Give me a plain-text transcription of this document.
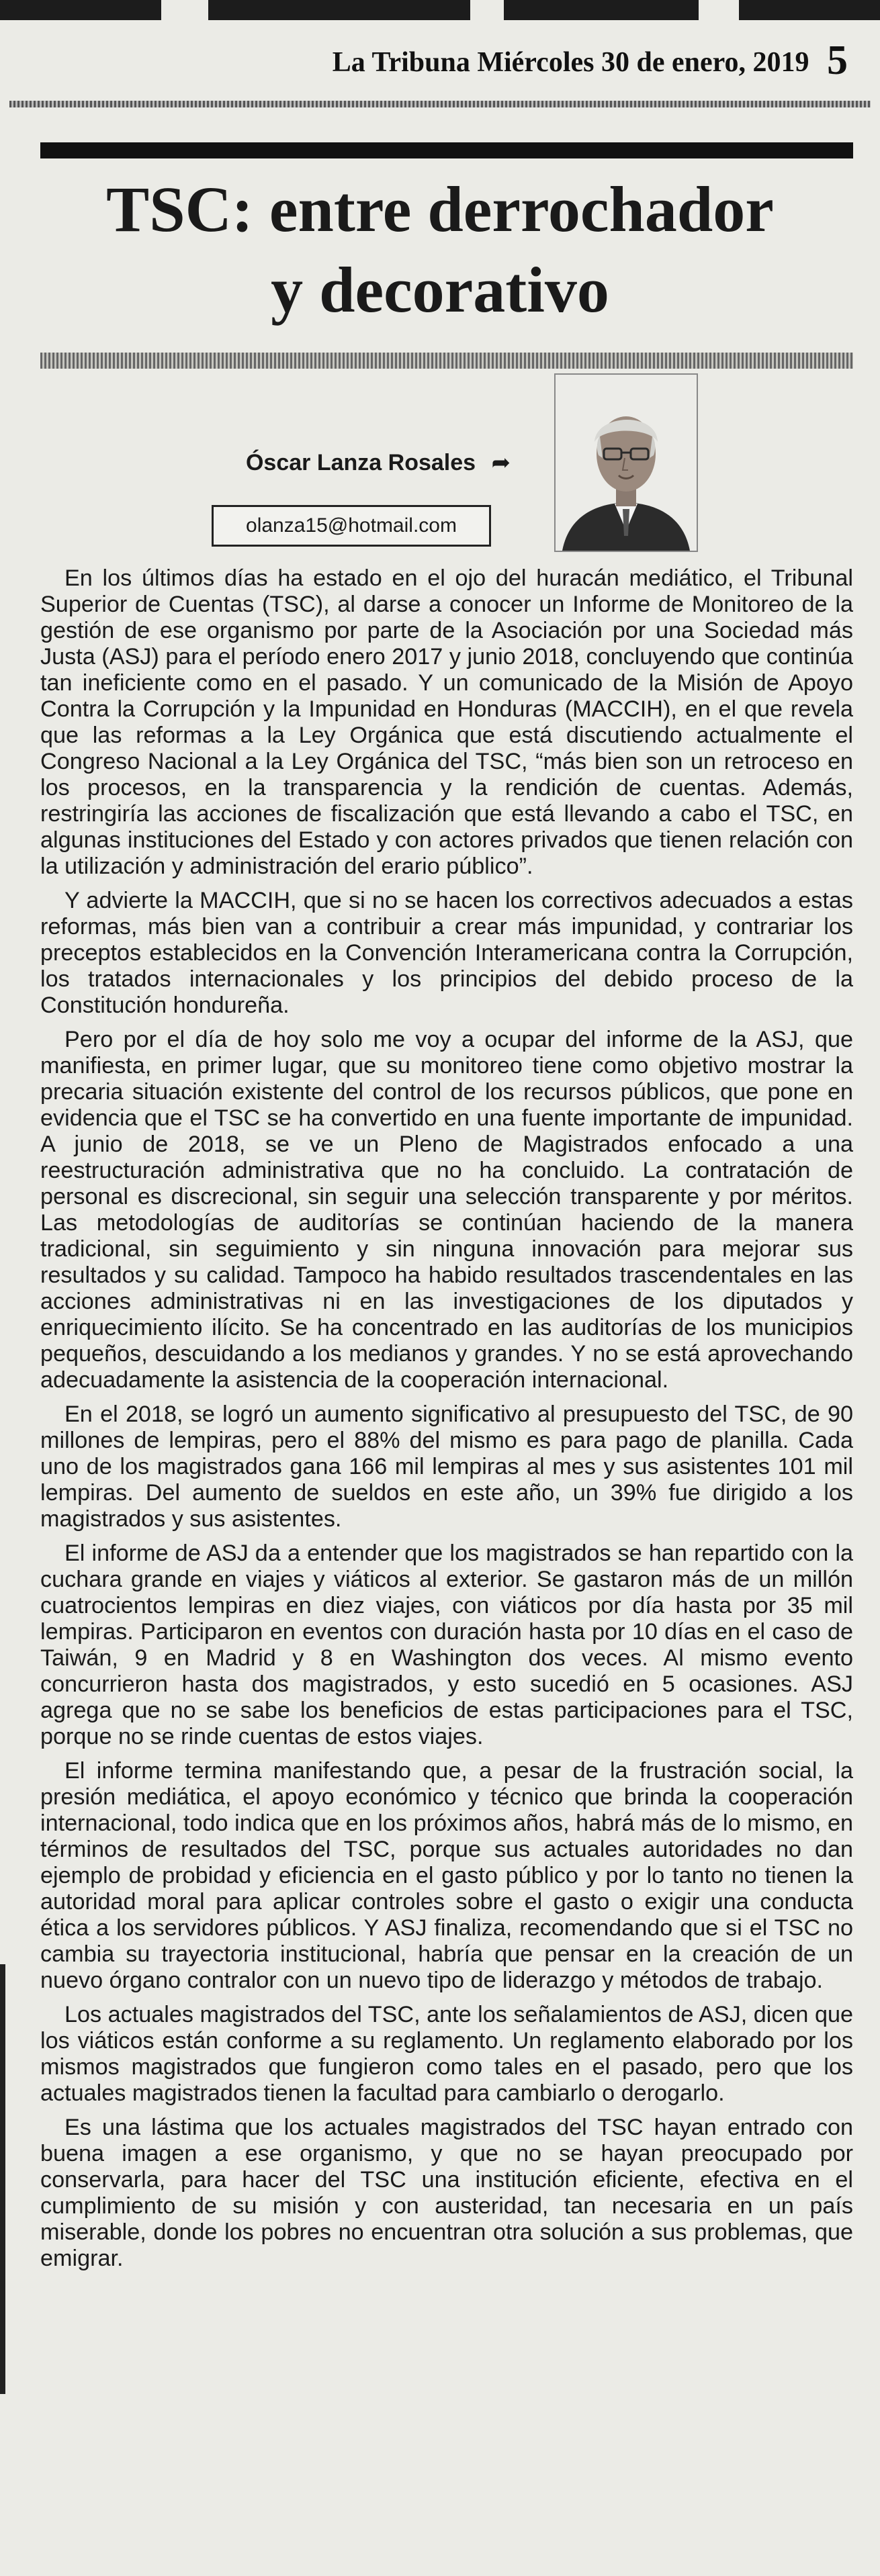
La Tribuna Miércoles 30 de enero, 2019 5
TSC: entre derrochador
y decorativo

Óscar Lanza Rosales ➦
olanza15@hotmail.com

En los últimos días ha estado en el ojo del huracán mediático, el Tribunal Superior de Cuentas (TSC), al darse a conocer un Informe de Monitoreo de la gestión de ese organismo por parte de la Asociación por una Sociedad más Justa (ASJ) para el período enero 2017 y junio 2018, concluyendo que continúa tan ineficiente como en el pasado. Y un comunicado de la Misión de Apoyo Contra la Corrupción y la Impunidad en Honduras (MACCIH), en el que revela que las reformas a la Ley Orgánica que está discutiendo actualmente el Congreso Nacional a la Ley Orgánica del TSC, “más bien son un retroceso en los procesos, en la transparencia y la rendición de cuentas. Además, restringiría las acciones de fiscalización que está llevando a cabo el TSC, en algunas instituciones del Estado y con actores privados que tienen relación con la utilización y administración del erario público”.

Y advierte la MACCIH, que si no se hacen los correctivos adecuados a estas reformas, más bien van a contribuir a crear más impunidad, y contrariar los preceptos establecidos en la Convención Interamericana contra la Corrupción, los tratados internacionales y los principios del debido proceso de la Constitución hondureña.

Pero por el día de hoy solo me voy a ocupar del informe de la ASJ, que manifiesta, en primer lugar, que su monitoreo tiene como objetivo mostrar la precaria situación existente del control de los recursos públicos, que pone en evidencia que el TSC se ha convertido en una fuente importante de impunidad. A junio de 2018, se ve un Pleno de Magistrados enfocado a una reestructuración administrativa que no ha concluido. La contratación de personal es discrecional, sin seguir una selección transparente y por méritos. Las metodologías de auditorías se continúan haciendo de la manera tradicional, sin seguimiento y sin ninguna innovación para mejorar sus resultados y su calidad. Tampoco ha habido resultados trascendentales en las acciones administrativas ni en las investigaciones de los diputados y enriquecimiento ilícito. Se ha concentrado en las auditorías de los municipios pequeños, descuidando a los medianos y grandes. Y no se está aprovechando adecuadamente la asistencia de la cooperación internacional.

En el 2018, se logró un aumento significativo al presupuesto del TSC, de 90 millones de lempiras, pero el 88% del mismo es para pago de planilla. Cada uno de los magistrados gana 166 mil lempiras al mes y sus asistentes 101 mil lempiras. Del aumento de sueldos en este año, un 39% fue dirigido a los magistrados y sus asistentes.

El informe de ASJ da a entender que los magistrados se han repartido con la cuchara grande en viajes y viáticos al exterior. Se gastaron más de un millón cuatrocientos lempiras en diez viajes, con viáticos por día hasta por 35 mil lempiras. Participaron en eventos con duración hasta por 10 días en el caso de Taiwán, 9 en Madrid y 8 en Washington dos veces. Al mismo evento concurrieron hasta dos magistrados, y esto sucedió en 5 ocasiones. ASJ agrega que no se sabe los beneficios de estas participaciones para el TSC, porque no se rinde cuentas de estos viajes.

El informe termina manifestando que, a pesar de la frustración social, la presión mediática, el apoyo económico y técnico que brinda la cooperación internacional, todo indica que en los próximos años, habrá más de lo mismo, en términos de resultados del TSC, porque sus actuales autoridades no dan ejemplo de probidad y eficiencia en el gasto público y por lo tanto no tienen la autoridad moral para aplicar controles sobre el gasto o exigir una conducta ética a los servidores públicos. Y ASJ finaliza, recomendando que si el TSC no cambia su trayectoria institucional, habría que pensar en la creación de un nuevo órgano contralor con un nuevo tipo de liderazgo y métodos de trabajo.

Los actuales magistrados del TSC, ante los señalamientos de ASJ, dicen que los viáticos están conforme a su reglamento. Un reglamento elaborado por los mismos magistrados que fungieron como tales en el pasado, pero que los actuales magistrados tienen la facultad para cambiarlo o derogarlo.

Es una lástima que los actuales magistrados del TSC hayan entrado con buena imagen a ese organismo, y que no se hayan preocupado por conservarla, para hacer del TSC una institución eficiente, efectiva en el cumplimiento de su misión y con austeridad, tan necesaria en un país miserable, donde los pobres no encuentran otra solución a sus problemas, que emigrar.
